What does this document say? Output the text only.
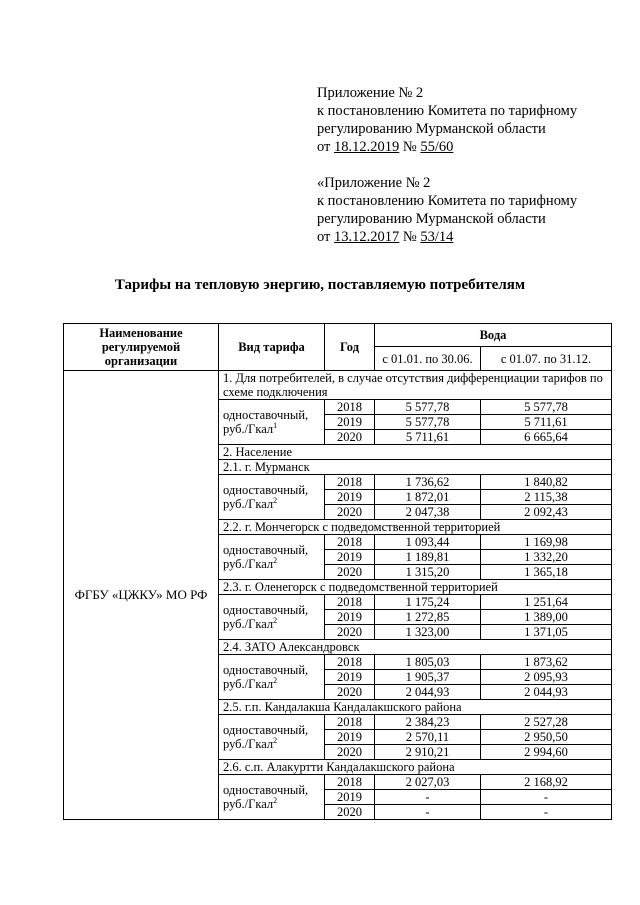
Приложение № 2
к постановлению Комитета по тарифному
регулированию Мурманской области
от 18.12.2019 № 55/60
«Приложение № 2
к постановлению Комитета по тарифному
регулированию Мурманской области
от 13.12.2017 № 53/14
Тарифы на тепловую энергию, поставляемую потребителям
Наименование регулируемой организации	Вид тарифа	Год	Вода	
			с 01.01. по 30.06.	с 01.07. по 31.12.
ФГБУ «ЦЖКУ» МО РФ	1. Для потребителей, в случае отсутствия дифференциации тарифов по схеме подключения			
	одноставочный, руб./Гкал$^1$	2018	5 577,78	5 577,78
		2019	5 577,78	5 711,61
		2020	5 711,61	6 665,64
	2. Население			
	2.1. г. Мурманск			
	одноставочный, руб./Гкал$^2$	2018	1 736,62	1 840,82
		2019	1 872,01	2 115,38
		2020	2 047,38	2 092,43
	2.2. г. Мончегорск с подведомственной территорией			
	одноставочный, руб./Гкал$^2$	2018	1 093,44	1 169,98
		2019	1 189,81	1 332,20
		2020	1 315,20	1 365,18
	2.3. г. Оленегорск с подведомственной территорией			
	одноставочный, руб./Гкал$^2$	2018	1 175,24	1 251,64
		2019	1 272,85	1 389,00
		2020	1 323,00	1 371,05
	2.4. ЗАТО Александровск			
	одноставочный, руб./Гкал$^2$	2018	1 805,03	1 873,62
		2019	1 905,37	2 095,93
		2020	2 044,93	2 044,93
	2.5. г.п. Кандалакша Кандалакшского района			
	одноставочный, руб./Гкал$^2$	2018	2 384,23	2 527,28
		2019	2 570,11	2 950,50
		2020	2 910,21	2 994,60
	2.6. с.п. Алакуртти Кандалакшского района			
	одноставочный, руб./Гкал$^2$	2018	2 027,03	2 168,92
		2019	-	-
		2020	-	-
